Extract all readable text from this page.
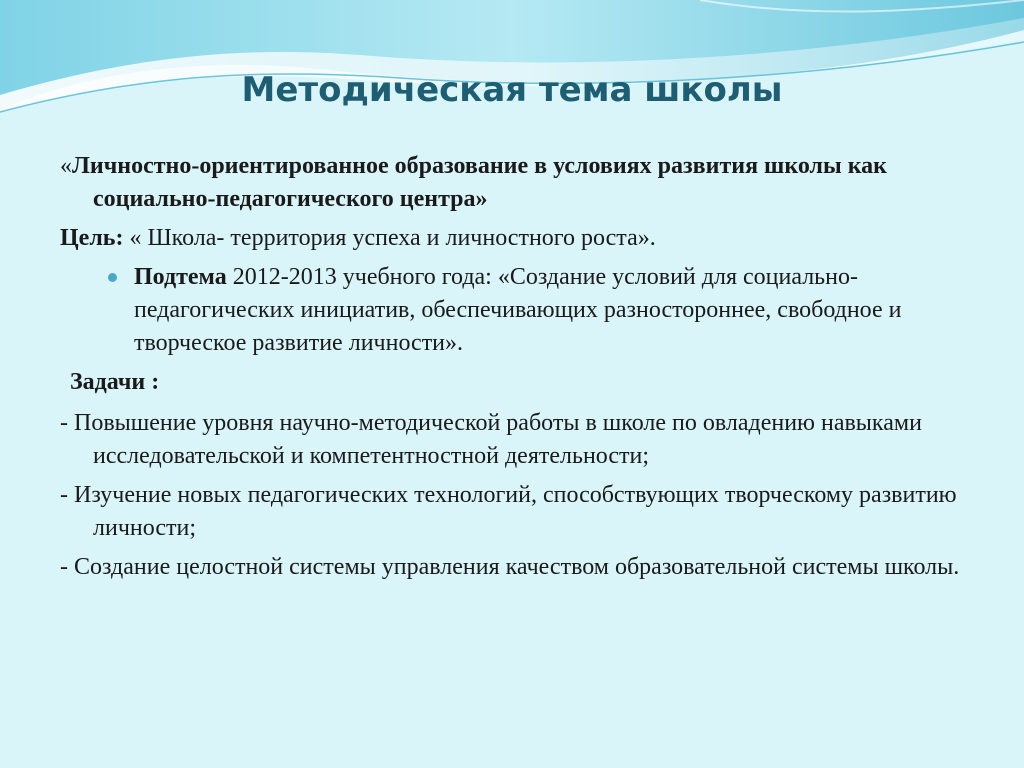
Методическая тема школы

«Личностно-ориентированное образование в условиях развития школы как социально-педагогического центра»

Цель: « Школа- территория успеха и личностного роста».

Подтема 2012-2013 учебного года: «Создание условий для социально- педагогических инициатив, обеспечивающих разностороннее, свободное и творческое развитие личности».
Задачи :

- Повышение уровня научно-методической работы в школе по овладению навыками исследовательской и компетентностной деятельности;

- Изучение новых педагогических технологий, способствующих творческому развитию личности;

- Создание целостной системы управления качеством образовательной системы школы.
